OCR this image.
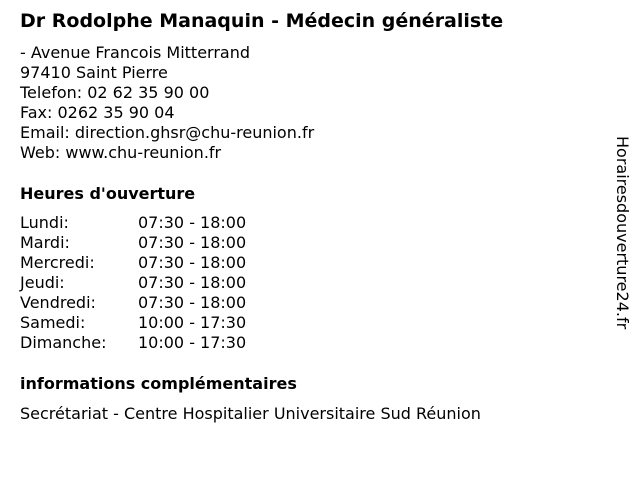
Dr Rodolphe Manaquin - Médecin généraliste
- Avenue Francois Mitterrand
97410 Saint Pierre
Telefon: 02 62 35 90 00
Fax: 0262 35 90 04
Email: direction.ghsr@chu-reunion.fr
Web: www.chu-reunion.fr
Heures d'ouverture
Lundi:	07:30 - 18:00
Mardi:	07:30 - 18:00
Mercredi:	07:30 - 18:00
Jeudi:	07:30 - 18:00
Vendredi:	07:30 - 18:00
Samedi:	10:00 - 17:30
Dimanche:	10:00 - 17:30
informations complémentaires
Secrétariat - Centre Hospitalier Universitaire Sud Réunion
Horairesdouverture24.fr
